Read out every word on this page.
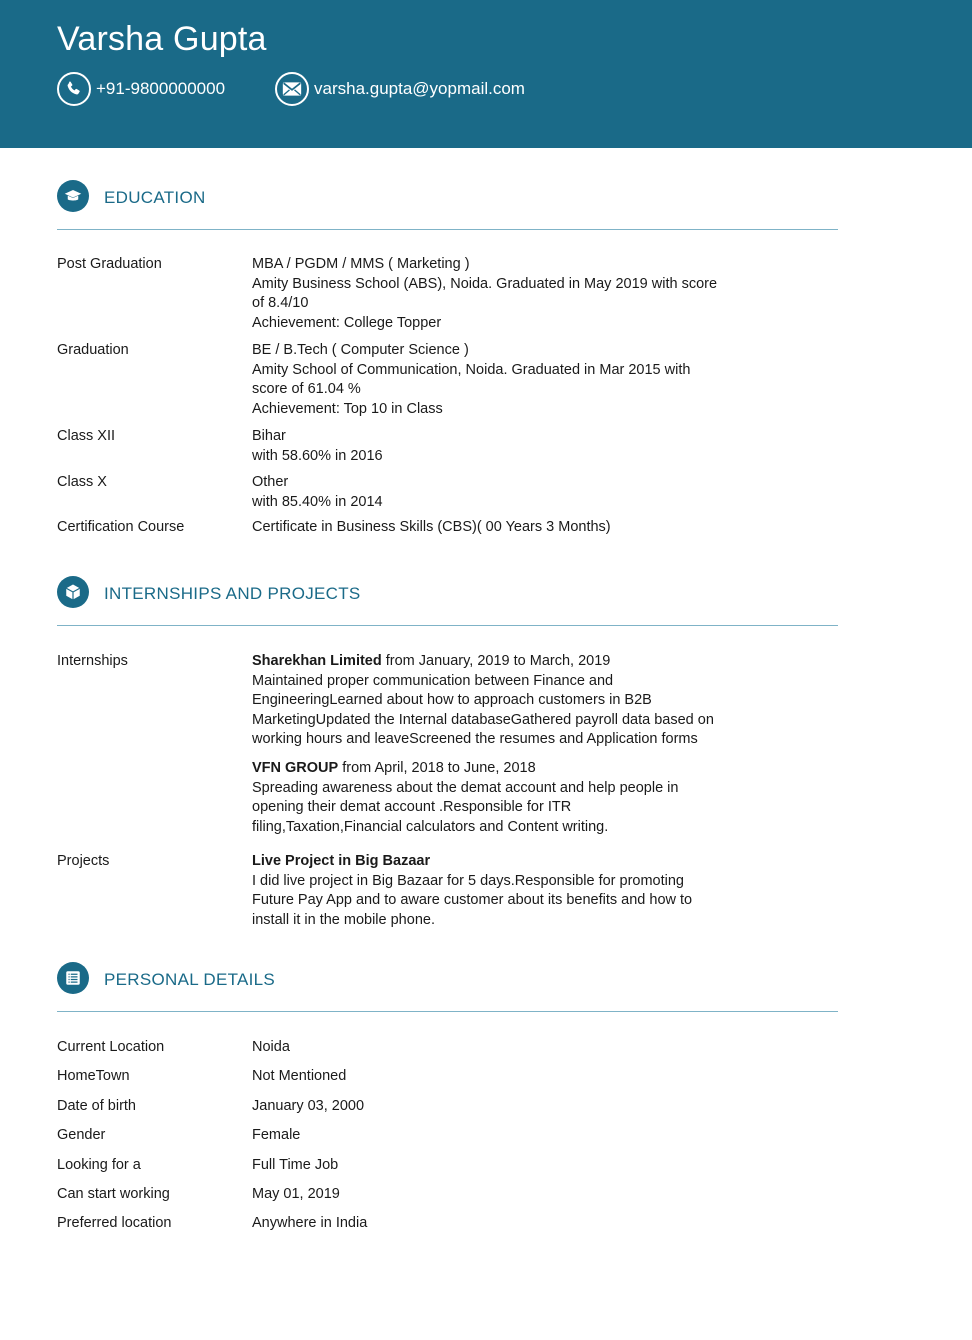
Varsha Gupta
+91-9800000000	varsha.gupta@yopmail.com
EDUCATION
Post Graduation	MBA / PGDM / MMS ( Marketing )
Amity Business School (ABS), Noida. Graduated in May 2019 with score
of 8.4/10
Achievement: College Topper
Graduation	BE / B.Tech ( Computer Science )
Amity School of Communication, Noida. Graduated in Mar 2015 with
score of 61.04 %
Achievement: Top 10 in Class
Class XII	Bihar
with 58.60% in 2016
Class X	Other
with 85.40% in 2014
Certification Course	Certificate in Business Skills (CBS)( 00 Years 3 Months)
INTERNSHIPS AND PROJECTS
Internships	Sharekhan Limited from January, 2019 to March, 2019
Maintained proper communication between Finance and
EngineeringLearned about how to approach customers in B2B
MarketingUpdated the Internal databaseGathered payroll data based on
working hours and leaveScreened the resumes and Application forms
VFN GROUP from April, 2018 to June, 2018
Spreading awareness about the demat account and help people in
opening their demat account .Responsible for ITR
filing,Taxation,Financial calculators and Content writing.
Projects	Live Project in Big Bazaar
I did live project in Big Bazaar for 5 days.Responsible for promoting
Future Pay App and to aware customer about its benefits and how to
install it in the mobile phone.
PERSONAL DETAILS
Current Location	Noida
HomeTown	Not Mentioned
Date of birth	January 03, 2000
Gender	Female
Looking for a	Full Time Job
Can start working	May 01, 2019
Preferred location	Anywhere in India
